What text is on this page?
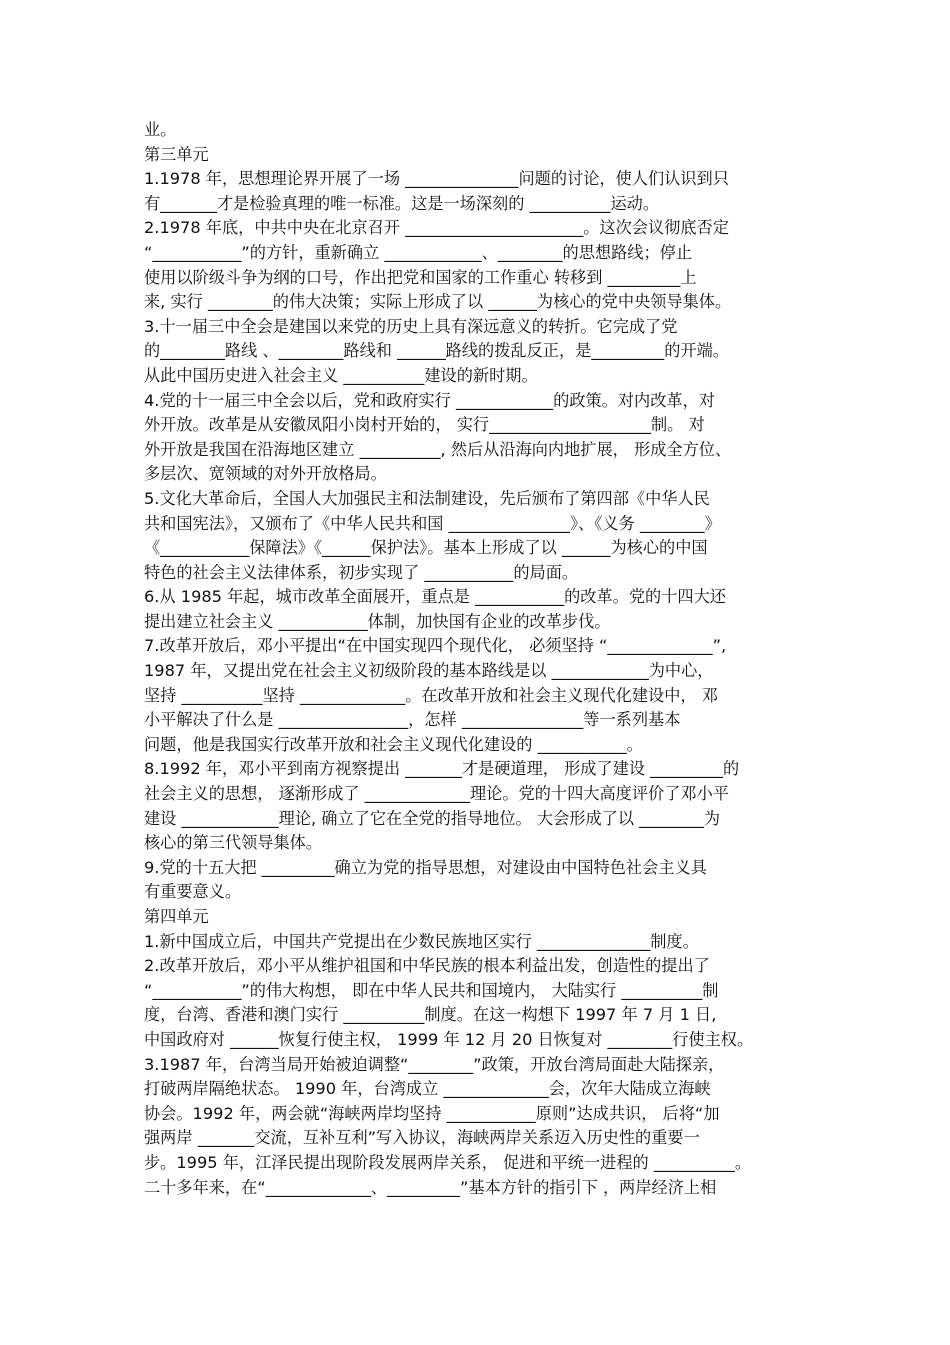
业。
第三单元
1.1978 年，思想理论界开展了一场 ______________问题的讨论，使人们认识到只
有_______才是检验真理的唯一标准。这是一场深刻的 __________运动。
2.1978 年底，中共中央在北京召开 ______________________。这次会议彻底否定
“___________”的方针，重新确立 ____________、________的思想路线；停止
使用以阶级斗争为纲的口号，作出把党和国家的工作重心 转移到 _________上
来, 实行 ________的伟大决策；实际上形成了以 ______为核心的党中央领导集体。
3.十一届三中全会是建国以来党的历史上具有深远意义的转折。它完成了党
的________路线 、________路线和 ______路线的拨乱反正，是_________的开端。
从此中国历史进入社会主义 __________建设的新时期。
4.党的十一届三中全会以后，党和政府实行 ____________的政策。对内改革，对
外开放。改革是从安徽凤阳小岗村开始的， 实行____________________制。 对
外开放是我国在沿海地区建立 __________, 然后从沿海向内地扩展， 形成全方位、
多层次、宽领域的对外开放格局。
5.文化大革命后，全国人大加强民主和法制建设，先后颁布了第四部《中华人民
共和国宪法》，又颁布了《中华人民共和国 _______________》、《义务 ________》
《___________保障法》《______保护法》。基本上形成了以 ______为核心的中国
特色的社会主义法律体系，初步实现了 ___________的局面。
6.从 1985 年起，城市改革全面展开，重点是 ___________的改革。党的十四大还
提出建立社会主义 ___________体制，加快国有企业的改革步伐。
7.改革开放后，邓小平提出“在中国实现四个现代化， 必须坚持 “_____________”,
1987 年，又提出党在社会主义初级阶段的基本路线是以 ____________为中心，
坚持 __________坚持 _____________。在改革开放和社会主义现代化建设中， 邓
小平解决了什么是 ________________，怎样 _______________等一系列基本
问题，他是我国实行改革开放和社会主义现代化建设的 ___________。
8.1992 年，邓小平到南方视察提出 _______才是硬道理， 形成了建设 _________的
社会主义的思想， 逐渐形成了 _____________理论。党的十四大高度评价了邓小平
建设 ____________理论, 确立了它在全党的指导地位。 大会形成了以 ________为
核心的第三代领导集体。
9.党的十五大把 _________确立为党的指导思想，对建设由中国特色社会主义具
有重要意义。
第四单元
1.新中国成立后，中国共产党提出在少数民族地区实行 ______________制度。
2.改革开放后，邓小平从维护祖国和中华民族的根本利益出发，创造性的提出了
“___________”的伟大构想， 即在中华人民共和国境内， 大陆实行 __________制
度，台湾、香港和澳门实行 __________制度。在这一构想下 1997 年 7 月 1 日,
中国政府对 ______恢复行使主权， 1999 年 12 月 20 日恢复对 ________行使主权。
3.1987 年，台湾当局开始被迫调整“________”政策，开放台湾局面赴大陆探亲，
打破两岸隔绝状态。 1990 年，台湾成立 _____________会，次年大陆成立海峡
协会。1992 年，两会就“海峡两岸均坚持 ___________原则”达成共识， 后将“加
强两岸 _______交流，互补互利”写入协议，海峡两岸关系迈入历史性的重要一
步。1995 年，江泽民提出现阶段发展两岸关系， 促进和平统一进程的 __________。
二十多年来，在“_____________、_________”基本方针的指引下 ，两岸经济上相
